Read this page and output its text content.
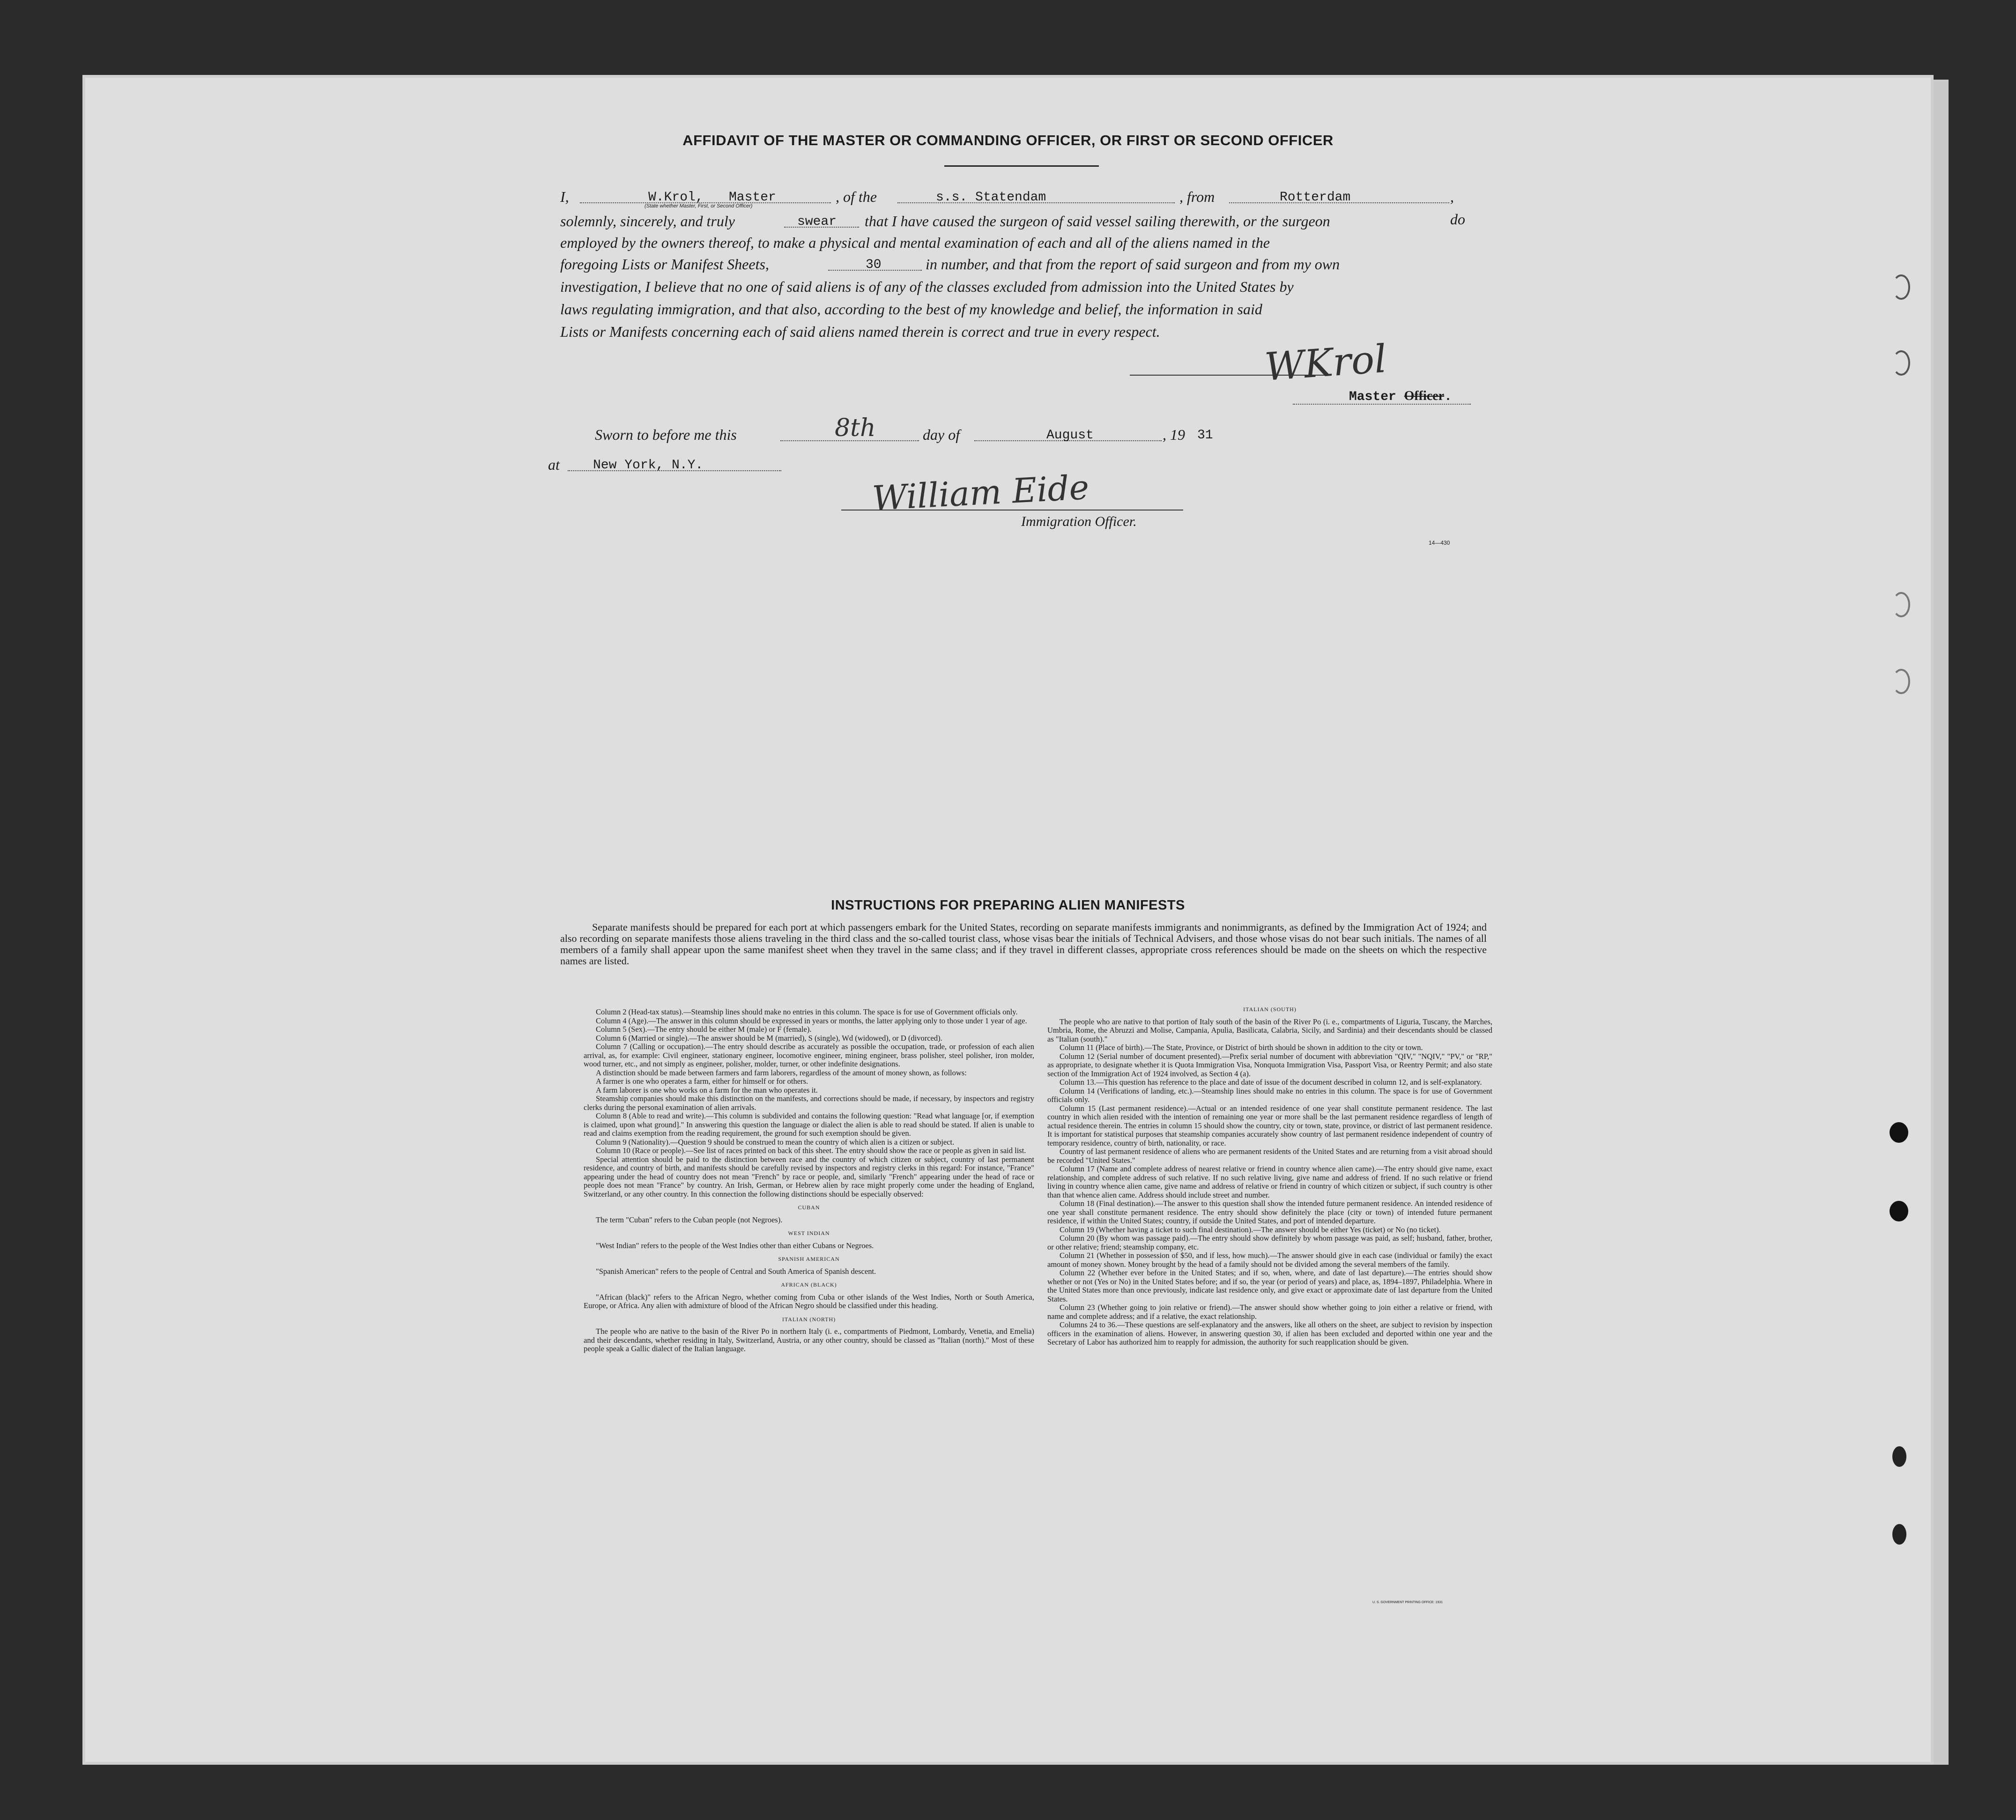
AFFIDAVIT OF THE MASTER OR COMMANDING OFFICER, OR FIRST OR SECOND OFFICER
I,	W.Krol, Master
(State whether Master, First, or Second Officer)
, of the	s.s. Statendam	, from	Rotterdam	, do
solemnly, sincerely, and truly	swear that I have caused the surgeon of said vessel sailing therewith, or the surgeon
employed by the owners thereof, to make a physical and mental examination of each and all of the aliens named in the
foregoing Lists or Manifest Sheets,	30	in number, and that from the report of said surgeon and from my own
investigation, I believe that no one of said aliens is of any of the classes excluded from admission into the United States by
laws regulating immigration, and that also, according to the best of my knowledge and belief, the information in said
Lists or Manifests concerning each of said aliens named therein is correct and true in every respect.
WKrol
Master Officer.
Sworn to before me this	8th	day of	August	, 19 31
at	New York, N.Y.
William Eide
Immigration Officer.
14—430
INSTRUCTIONS FOR PREPARING ALIEN MANIFESTS
Separate manifests should be prepared for each port at which passengers embark for the United States, recording on separate manifests immigrants and nonimmigrants, as defined by the Immigration Act of 1924; and also recording on separate manifests those aliens traveling in the third class and the so-called tourist class, whose visas bear the initials of Technical Advisers, and those whose visas do not bear such initials. The names of all members of a family shall appear upon the same manifest sheet when they travel in the same class; and if they travel in different classes, appropriate cross references should be made on the sheets on which the respective names are listed.

Column 2 (Head-tax status).—Steamship lines should make no entries in this column. The space is for use of Government officials only.

Column 4 (Age).—The answer in this column should be expressed in years or months, the latter applying only to those under 1 year of age.

Column 5 (Sex).—The entry should be either M (male) or F (female).

Column 6 (Married or single).—The answer should be M (married), S (single), Wd (widowed), or D (divorced).

Column 7 (Calling or occupation).—The entry should describe as accurately as possible the occupation, trade, or profession of each alien arrival, as, for example: Civil engineer, stationary engineer, locomotive engineer, mining engineer, brass polisher, steel polisher, iron molder, wood turner, etc., and not simply as engineer, polisher, molder, turner, or other indefinite designations.

A distinction should be made between farmers and farm laborers, regardless of the amount of money shown, as follows:

A farmer is one who operates a farm, either for himself or for others.

A farm laborer is one who works on a farm for the man who operates it.

Steamship companies should make this distinction on the manifests, and corrections should be made, if necessary, by inspectors and registry clerks during the personal examination of alien arrivals.

Column 8 (Able to read and write).—This column is subdivided and contains the following question: "Read what language [or, if exemption is claimed, upon what ground]." In answering this question the language or dialect the alien is able to read should be stated. If alien is unable to read and claims exemption from the reading requirement, the ground for such exemption should be given.

Column 9 (Nationality).—Question 9 should be construed to mean the country of which alien is a citizen or subject.

Column 10 (Race or people).—See list of races printed on back of this sheet. The entry should show the race or people as given in said list.

Special attention should be paid to the distinction between race and the country of which citizen or subject, country of last permanent residence, and country of birth, and manifests should be carefully revised by inspectors and registry clerks in this regard: For instance, "France" appearing under the head of country does not mean "French" by race or people, and, similarly "French" appearing under the head of race or people does not mean "France" by country. An Irish, German, or Hebrew alien by race might properly come under the heading of England, Switzerland, or any other country. In this connection the following distinctions should be especially observed:

CUBAN

The term "Cuban" refers to the Cuban people (not Negroes).

WEST INDIAN

"West Indian" refers to the people of the West Indies other than either Cubans or Negroes.

SPANISH AMERICAN

"Spanish American" refers to the people of Central and South America of Spanish descent.

AFRICAN (BLACK)

"African (black)" refers to the African Negro, whether coming from Cuba or other islands of the West Indies, North or South America, Europe, or Africa. Any alien with admixture of blood of the African Negro should be classified under this heading.

ITALIAN (NORTH)

The people who are native to the basin of the River Po in northern Italy (i. e., compartments of Piedmont, Lombardy, Venetia, and Emelia) and their descendants, whether residing in Italy, Switzerland, Austria, or any other country, should be classed as "Italian (north)." Most of these people speak a Gallic dialect of the Italian language.

ITALIAN (SOUTH)

The people who are native to that portion of Italy south of the basin of the River Po (i. e., compartments of Liguria, Tuscany, the Marches, Umbria, Rome, the Abruzzi and Molise, Campania, Apulia, Basilicata, Calabria, Sicily, and Sardinia) and their descendants should be classed as "Italian (south)."

Column 11 (Place of birth).—The State, Province, or District of birth should be shown in addition to the city or town.

Column 12 (Serial number of document presented).—Prefix serial number of document with abbreviation "QIV," "NQIV," "PV," or "RP," as appropriate, to designate whether it is Quota Immigration Visa, Nonquota Immigration Visa, Passport Visa, or Reentry Permit; and also state section of the Immigration Act of 1924 involved, as Section 4 (a).

Column 13.—This question has reference to the place and date of issue of the document described in column 12, and is self-explanatory.

Column 14 (Verifications of landing, etc.).—Steamship lines should make no entries in this column. The space is for use of Government officials only.

Column 15 (Last permanent residence).—Actual or an intended residence of one year shall constitute permanent residence. The last country in which alien resided with the intention of remaining one year or more shall be the last permanent residence regardless of length of actual residence therein. The entries in column 15 should show the country, city or town, state, province, or district of last permanent residence. It is important for statistical purposes that steamship companies accurately show country of last permanent residence independent of country of temporary residence, country of birth, nationality, or race.

Country of last permanent residence of aliens who are permanent residents of the United States and are returning from a visit abroad should be recorded "United States."

Column 17 (Name and complete address of nearest relative or friend in country whence alien came).—The entry should give name, exact relationship, and complete address of such relative. If no such relative living, give name and address of friend. If no such relative or friend living in country whence alien came, give name and address of relative or friend in country of which citizen or subject, if such country is other than that whence alien came. Address should include street and number.

Column 18 (Final destination).—The answer to this question shall show the intended future permanent residence. An intended residence of one year shall constitute permanent residence. The entry should show definitely the place (city or town) of intended future permanent residence, if within the United States; country, if outside the United States, and port of intended departure.

Column 19 (Whether having a ticket to such final destination).—The answer should be either Yes (ticket) or No (no ticket).

Column 20 (By whom was passage paid).—The entry should show definitely by whom passage was paid, as self; husband, father, brother, or other relative; friend; steamship company, etc.

Column 21 (Whether in possession of $50, and if less, how much).—The answer should give in each case (individual or family) the exact amount of money shown. Money brought by the head of a family should not be divided among the several members of the family.

Column 22 (Whether ever before in the United States; and if so, when, where, and date of last departure).—The entries should show whether or not (Yes or No) in the United States before; and if so, the year (or period of years) and place, as, 1894–1897, Philadelphia. Where in the United States more than once previously, indicate last residence only, and give exact or approximate date of last departure from the United States.

Column 23 (Whether going to join relative or friend).—The answer should show whether going to join either a relative or friend, with name and complete address; and if a relative, the exact relationship.

Columns 24 to 36.—These questions are self-explanatory and the answers, like all others on the sheet, are subject to revision by inspection officers in the examination of aliens. However, in answering question 30, if alien has been excluded and deported within one year and the Secretary of Labor has authorized him to reapply for admission, the authority for such reapplication should be given.

U. S. GOVERNMENT PRINTING OFFICE: 1931
